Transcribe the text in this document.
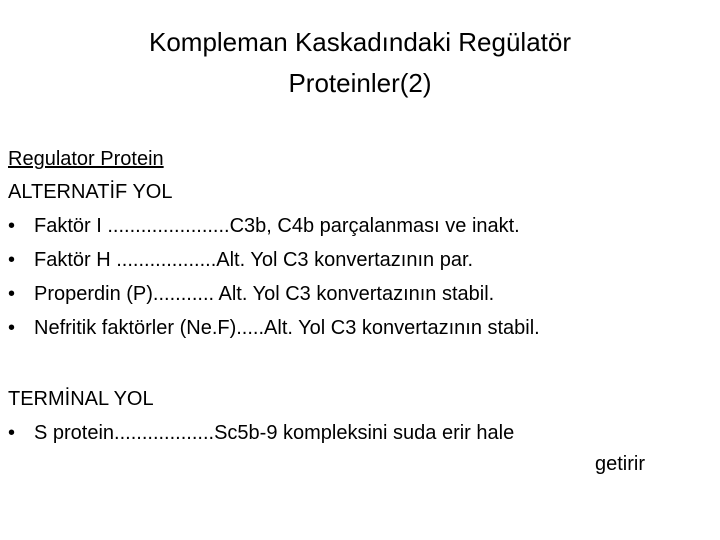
Kompleman Kaskadındaki Regülatör
Proteinler(2)
Regulator Protein
ALTERNATİF YOL
• Faktör I ......................C3b, C4b parçalanması ve inakt.
• Faktör H ..................Alt. Yol C3 konvertazının par.
• Properdin (P)........... Alt. Yol C3 konvertazının stabil.
• Nefritik faktörler (Ne.F).....Alt. Yol C3 konvertazının stabil.
TERMİNAL YOL
• S protein..................Sc5b-9 kompleksini suda erir hale
getirir
